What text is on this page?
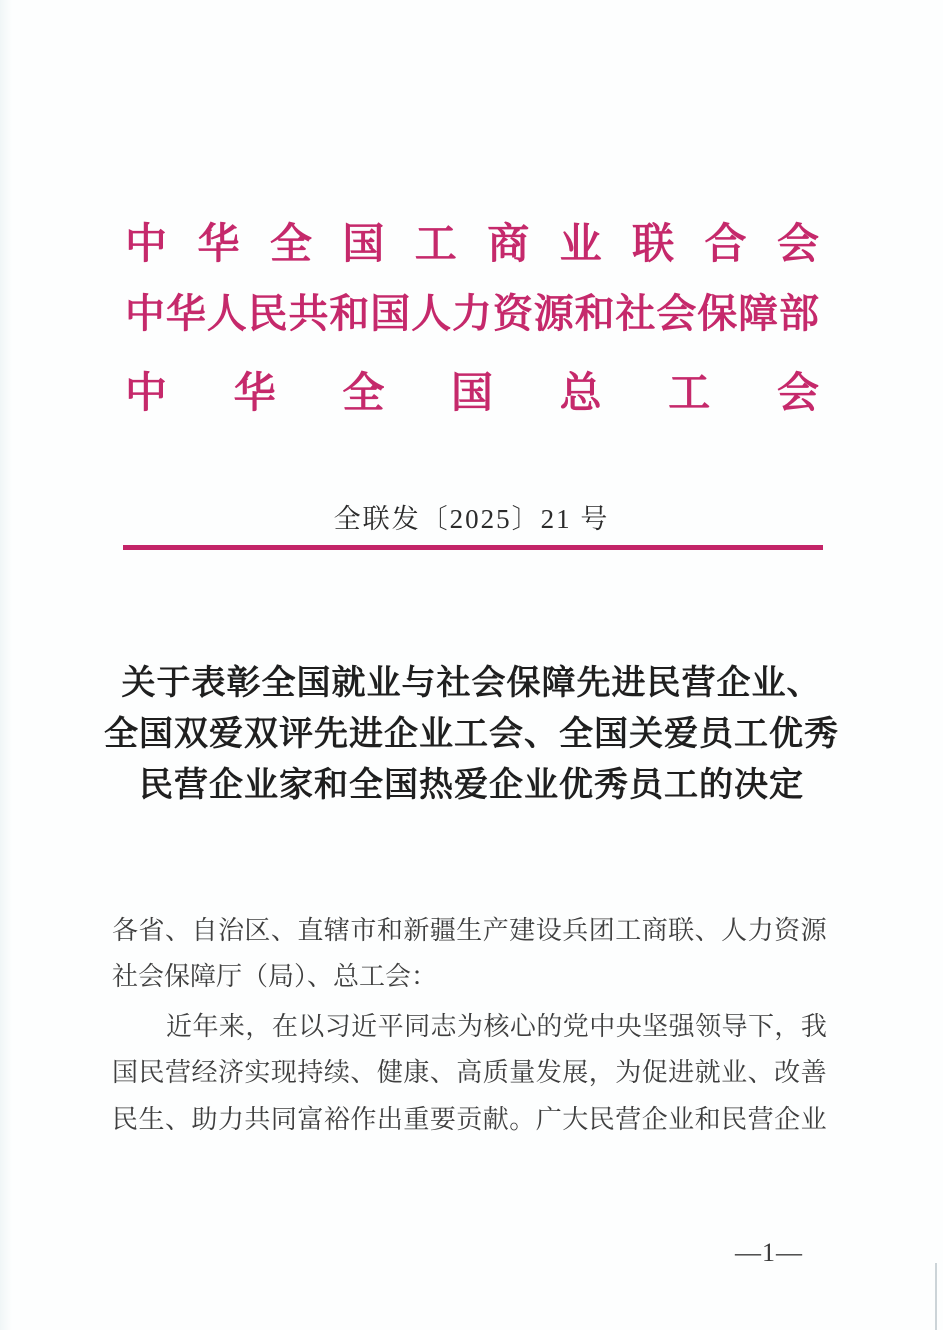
中 华 全 国 工 商 业 联 合 会
中 华 人 民 共 和 国 人 力 资 源 和 社 会 保 障 部
中 华 全 国 总 工 会
全联发〔2025〕21 号
关于表彰全国就业与社会保障先进民营企业、
全国双爱双评先进企业工会、全国关爱员工优秀
民营企业家和全国热爱企业优秀员工的决定
各 省 、 自 治 区 、 直 辖 市 和 新 疆 生 产 建 设 兵 团 工 商 联 、 人 力 资 源
社会保障厅（局）、总工会：
近 年 来 ， 在 以 习 近 平 同 志 为 核 心 的 党 中 央 坚 强 领 导 下 ， 我
国 民 营 经 济 实 现 持 续 、 健 康 、 高 质 量 发 展 ， 为 促 进 就 业 、 改 善
民 生 、 助 力 共 同 富 裕 作 出 重 要 贡 献 。 广 大 民 营 企 业 和 民 营 企 业
—1—
